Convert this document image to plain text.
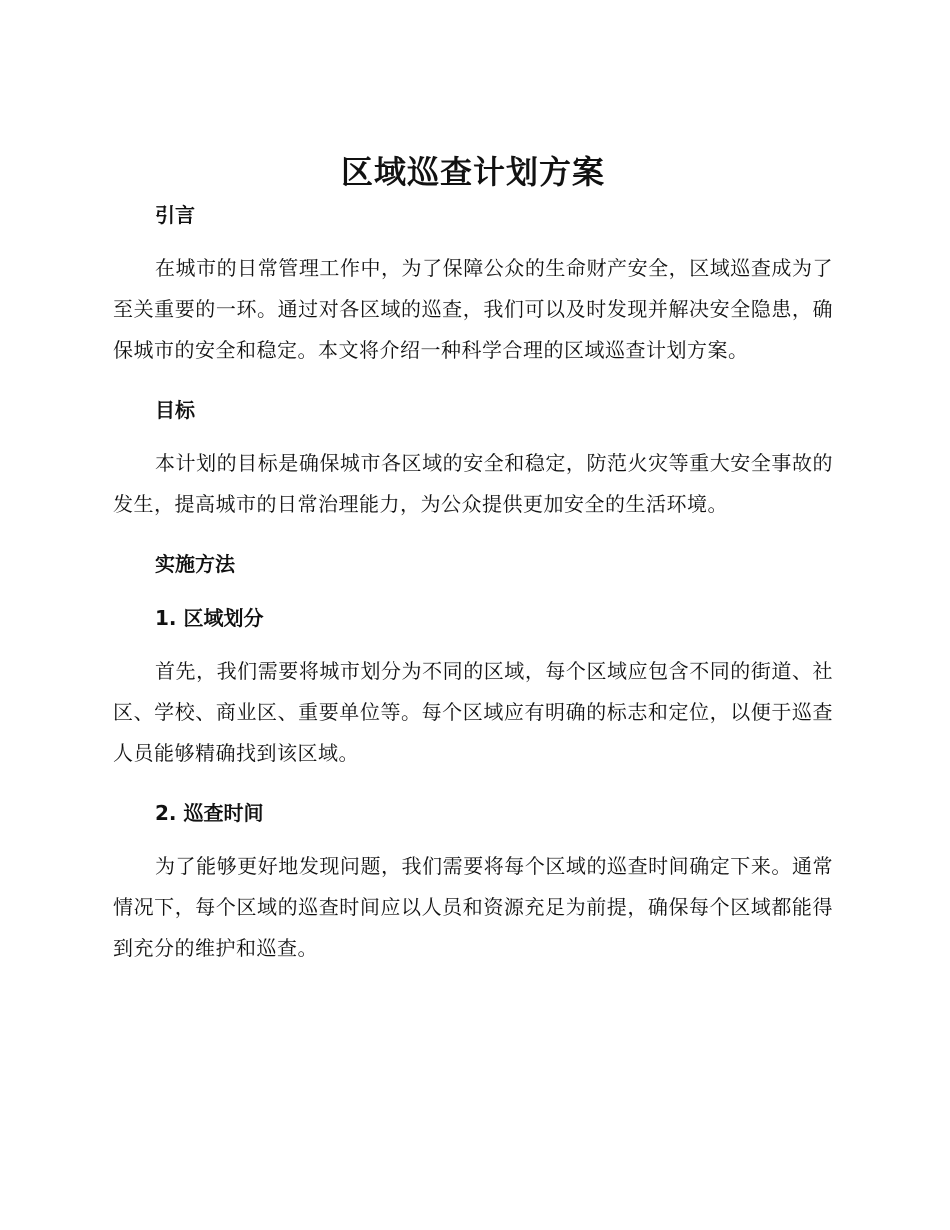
区域巡查计划方案
引言

在城市的日常管理工作中，为了保障公众的生命财产安全，区域巡查成为了至关重要的一环。通过对各区域的巡查，我们可以及时发现并解决安全隐患，确保城市的安全和稳定。本文将介绍一种科学合理的区域巡查计划方案。

目标

本计划的目标是确保城市各区域的安全和稳定，防范火灾等重大安全事故的发生，提高城市的日常治理能力，为公众提供更加安全的生活环境。

实施方法
1. 区域划分

首先，我们需要将城市划分为不同的区域，每个区域应包含不同的街道、社区、学校、商业区、重要单位等。每个区域应有明确的标志和定位，以便于巡查人员能够精确找到该区域。

2. 巡查时间

为了能够更好地发现问题，我们需要将每个区域的巡查时间确定下来。通常情况下，每个区域的巡查时间应以人员和资源充足为前提，确保每个区域都能得到充分的维护和巡查。
